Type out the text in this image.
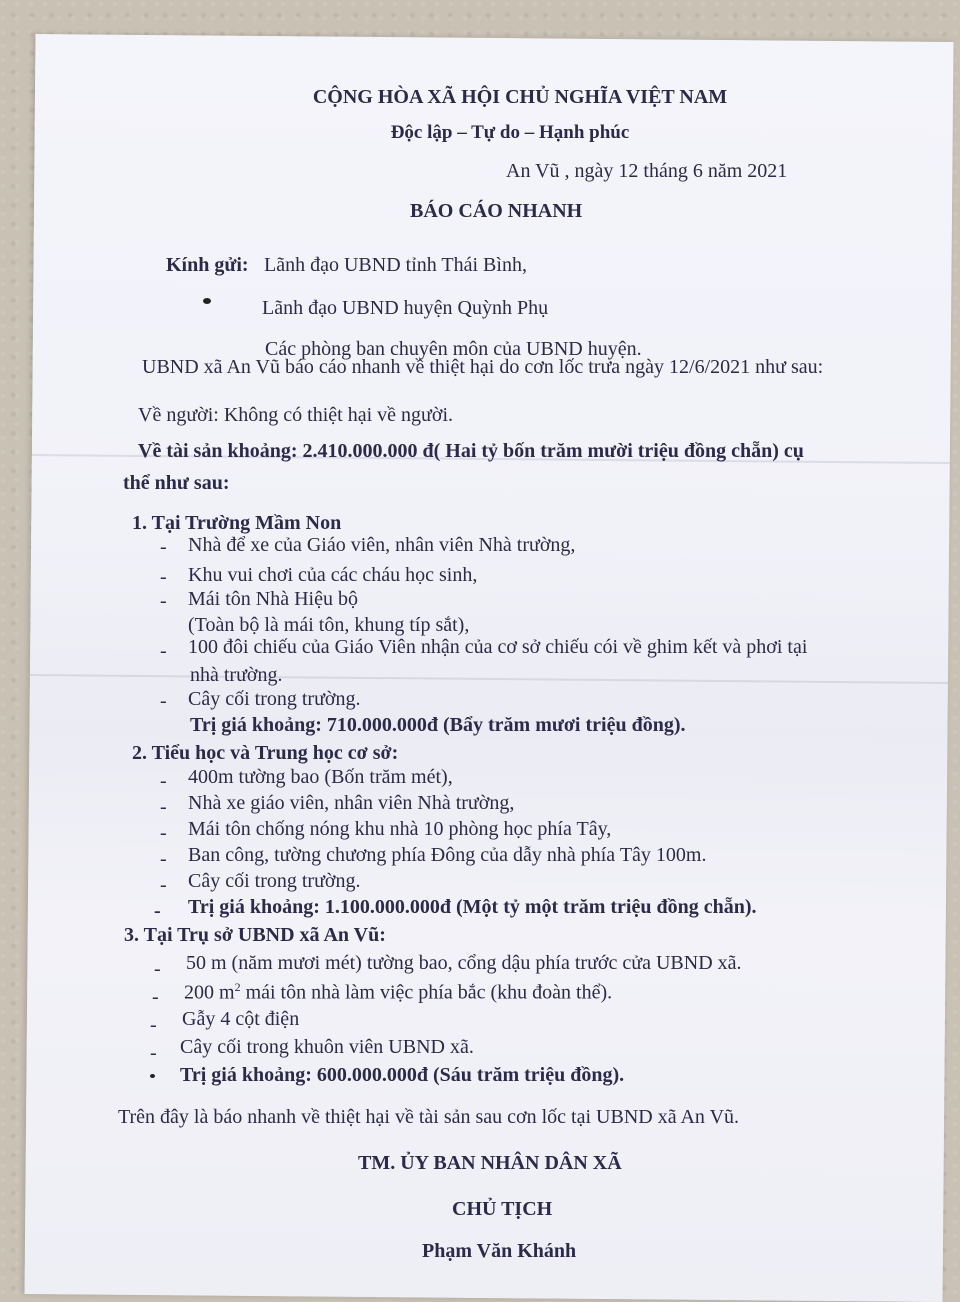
CỘNG HÒA XÃ HỘI CHỦ NGHĨA VIỆT NAM
Độc lập – Tự do – Hạnh phúc
An Vũ , ngày 12 tháng 6 năm 2021
BÁO CÁO NHANH
Kính gửi: Lãnh đạo UBND tỉnh Thái Bình,
Lãnh đạo UBND huyện Quỳnh Phụ
Các phòng ban chuyên môn của UBND huyện.
UBND xã An Vũ báo cáo nhanh về thiệt hại do cơn lốc trưa ngày 12/6/2021 như sau:
Về người: Không có thiệt hại về người.
Về tài sản khoảng: 2.410.000.000 đ( Hai tỷ bốn trăm mười triệu đồng chẵn) cụ
thể như sau:
1. Tại Trường Mầm Non
- Nhà để xe của Giáo viên, nhân viên Nhà trường,
- Khu vui chơi của các cháu học sinh,
- Mái tôn Nhà Hiệu bộ
(Toàn bộ là mái tôn, khung típ sắt),
- 100 đôi chiếu của Giáo Viên nhận của cơ sở chiếu cói về ghim kết và phơi tại
nhà trường.
- Cây cối trong trường.
Trị giá khoảng: 710.000.000đ (Bẩy trăm mươi triệu đồng).
2. Tiểu học và Trung học cơ sở:
- 400m tường bao (Bốn trăm mét),
- Nhà xe giáo viên, nhân viên Nhà trường,
- Mái tôn chống nóng khu nhà 10 phòng học phía Tây,
- Ban công, tường chương phía Đông của dẫy nhà phía Tây 100m.
- Cây cối trong trường.
- Trị giá khoảng: 1.100.000.000đ (Một tỷ một trăm triệu đồng chẵn).
3. Tại Trụ sở UBND xã An Vũ:
- 50 m (năm mươi mét) tường bao, cổng dậu phía trước cửa UBND xã.
- 200 $m^2$ mái tôn nhà làm việc phía bắc (khu đoàn thể).
- Gẫy 4 cột điện
- Cây cối trong khuôn viên UBND xã.
Trị giá khoảng: 600.000.000đ (Sáu trăm triệu đồng).
Trên đây là báo nhanh về thiệt hại về tài sản sau cơn lốc tại UBND xã An Vũ.
TM. ỦY BAN NHÂN DÂN XÃ
CHỦ TỊCH
Phạm Văn Khánh
